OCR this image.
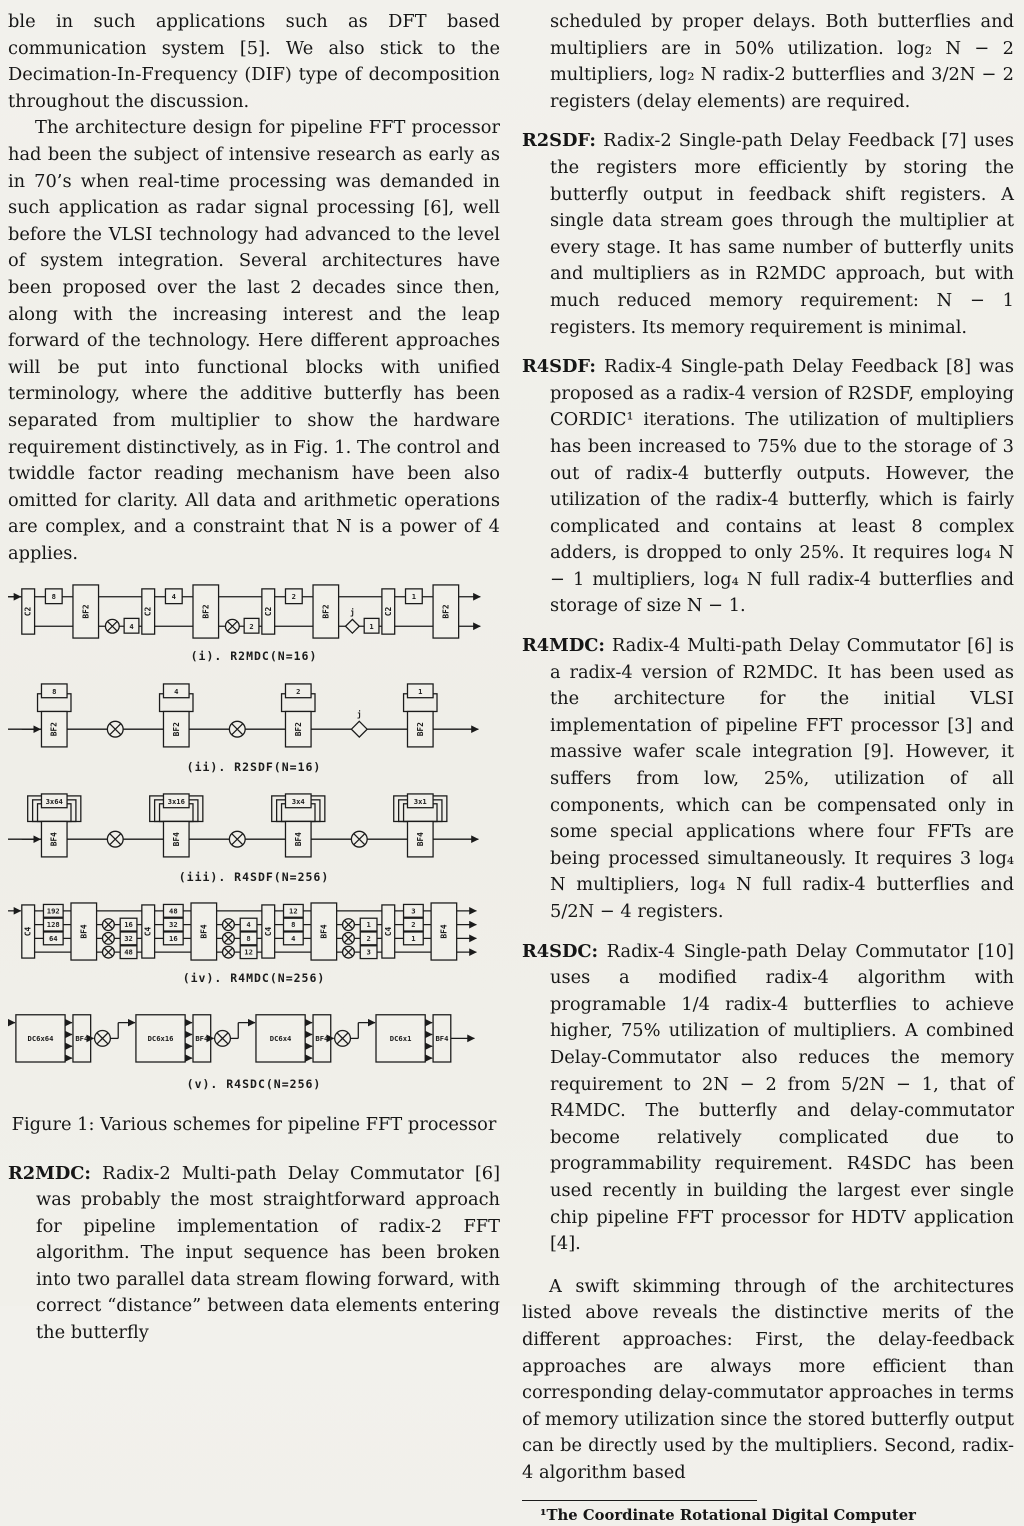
ble in such applications such as DFT based communication system [5]. We also stick to the Decimation-In-Frequency (DIF) type of decomposition throughout the discussion.

The architecture design for pipeline FFT processor had been the subject of intensive research as early as in 70’s when real-time processing was demanded in such application as radar signal processing [6], well before the VLSI technology had advanced to the level of system integration. Several architectures have been proposed over the last 2 decades since then, along with the increasing interest and the leap forward of the technology. Here different approaches will be put into functional blocks with unified terminology, where the additive butterfly has been separated from multiplier to show the hardware requirement distinctively, as in Fig. 1. The control and twiddle factor reading mechanism have been also omitted for clarity. All data and arithmetic operations are complex, and a constraint that N is a power of 4 applies.

C2
8
BF2
4
C2
4
BF2
2
C2
2
BF2 j
1
C2
1
BF2
(i). R2MDC(N=16)
8
BF2
4
BF2
2
BF2
j
1
BF2
(ii). R2SDF(N=16)
3x64
BF4
3x16
BF4
3x4
BF4
3x1
BF4
(iii). R4SDF(N=256)
C4
192
128
64	BF4	16
32
48
C4
48
32
16	BF4	4
8
12
C4
12
8
4	BF4	1
2
3
C4
3
2
1	BF4
(iv). R4MDC(N=256)
DC6x64	BF4	DC6x16	BF4	DC6x4	BF4	DC6x1	BF4
(v). R4SDC(N=256)
Figure 1: Various schemes for pipeline FFT processor

R2MDC: Radix-2 Multi-path Delay Commutator [6] was probably the most straightforward approach for pipeline implementation of radix-2 FFT algorithm. The input sequence has been broken into two parallel data stream flowing forward, with correct “distance” between data elements entering the butterfly

scheduled by proper delays. Both butterflies and multipliers are in 50% utilization. log₂ N − 2 multipliers, log₂ N radix-2 butterflies and 3/2N − 2 registers (delay elements) are required.

R2SDF: Radix-2 Single-path Delay Feedback [7] uses the registers more efficiently by storing the butterfly output in feedback shift registers. A single data stream goes through the multiplier at every stage. It has same number of butterfly units and multipliers as in R2MDC approach, but with much reduced memory requirement: N − 1 registers. Its memory requirement is minimal.

R4SDF: Radix-4 Single-path Delay Feedback [8] was proposed as a radix-4 version of R2SDF, employing CORDIC¹ iterations. The utilization of multipliers has been increased to 75% due to the storage of 3 out of radix-4 butterfly outputs. However, the utilization of the radix-4 butterfly, which is fairly complicated and contains at least 8 complex adders, is dropped to only 25%. It requires log₄ N − 1 multipliers, log₄ N full radix-4 butterflies and storage of size N − 1.

R4MDC: Radix-4 Multi-path Delay Commutator [6] is a radix-4 version of R2MDC. It has been used as the architecture for the initial VLSI implementation of pipeline FFT processor [3] and massive wafer scale integration [9]. However, it suffers from low, 25%, utilization of all components, which can be compensated only in some special applications where four FFTs are being processed simultaneously. It requires 3 log₄ N multipliers, log₄ N full radix-4 butterflies and 5/2N − 4 registers.

R4SDC: Radix-4 Single-path Delay Commutator [10] uses a modified radix-4 algorithm with programable 1/4 radix-4 butterflies to achieve higher, 75% utilization of multipliers. A combined Delay-Commutator also reduces the memory requirement to 2N − 2 from 5/2N − 1, that of R4MDC. The butterfly and delay-commutator become relatively complicated due to programmability requirement. R4SDC has been used recently in building the largest ever single chip pipeline FFT processor for HDTV application [4].

A swift skimming through of the architectures listed above reveals the distinctive merits of the different approaches: First, the delay-feedback approaches are always more efficient than corresponding delay-commutator approaches in terms of memory utilization since the stored butterfly output can be directly used by the multipliers. Second, radix-4 algorithm based

¹The Coordinate Rotational Digital Computer
